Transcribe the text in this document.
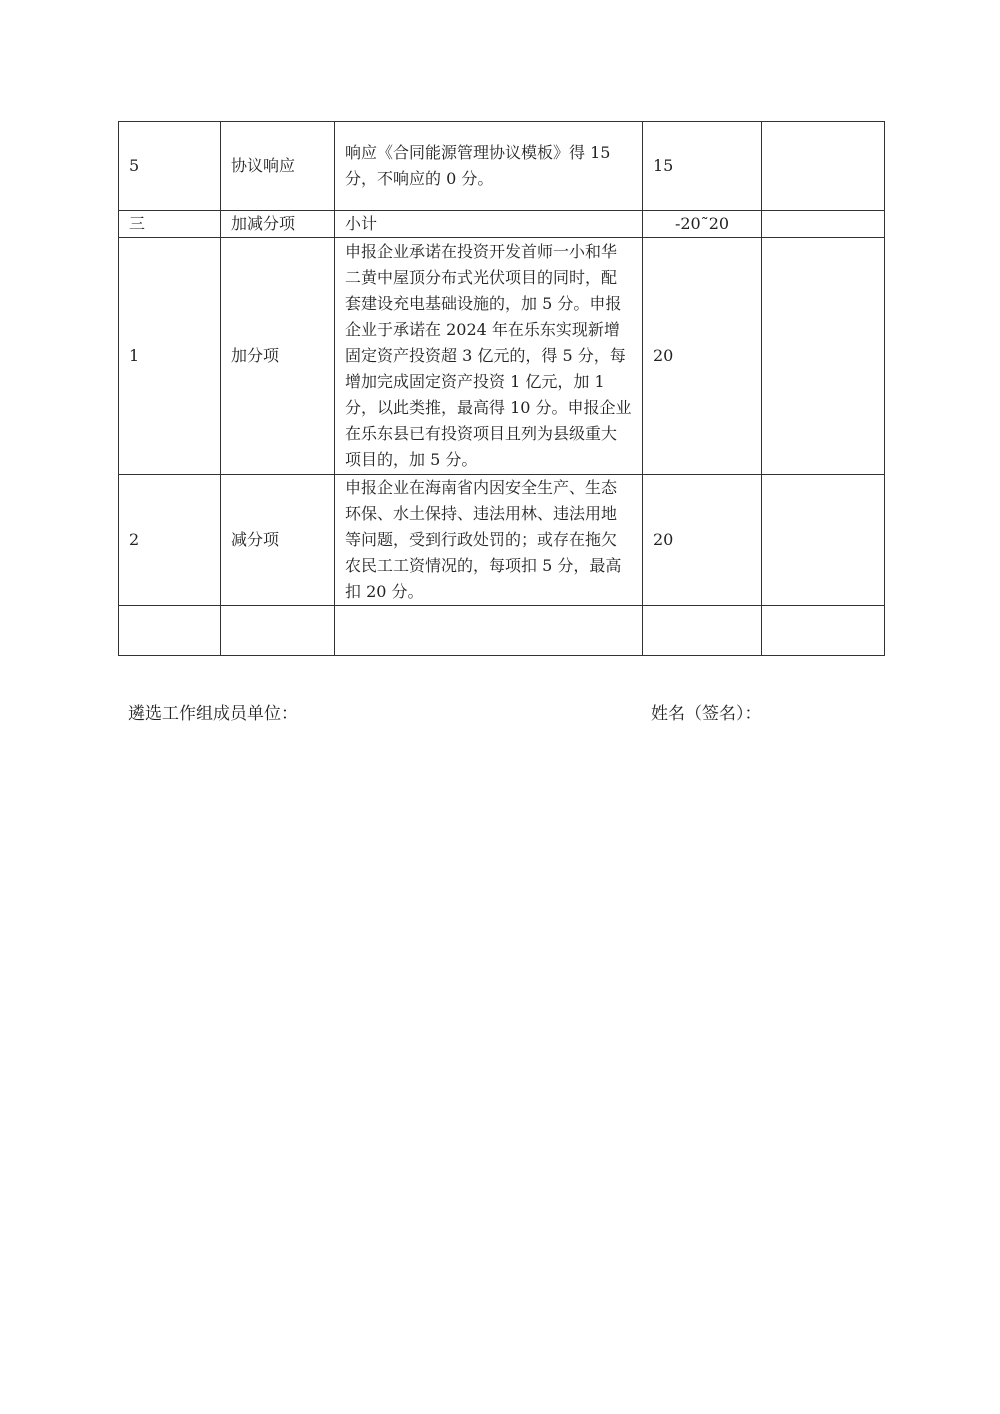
5	协议响应	响应《合同能源管理协议模板》得 15 分，不响应的 0 分。	15	
三	加减分项	小计	-20˜20	
1	加分项	申报企业承诺在投资开发首师一小和华二黄中屋顶分布式光伏项目的同时，配套建设充电基础设施的，加 5 分。申报企业于承诺在 2024 年在乐东实现新增固定资产投资超 3 亿元的，得 5 分，每增加完成固定资产投资 1 亿元，加 1 分，以此类推，最高得 10 分。申报企业在乐东县已有投资项目且列为县级重大项目的，加 5 分。	20	
2	减分项	申报企业在海南省内因安全生产、生态环保、水土保持、违法用林、违法用地等问题，受到行政处罚的；或存在拖欠农民工工资情况的，每项扣 5 分，最高扣 20 分。	20	

遴选工作组成员单位：	姓名（签名）：
